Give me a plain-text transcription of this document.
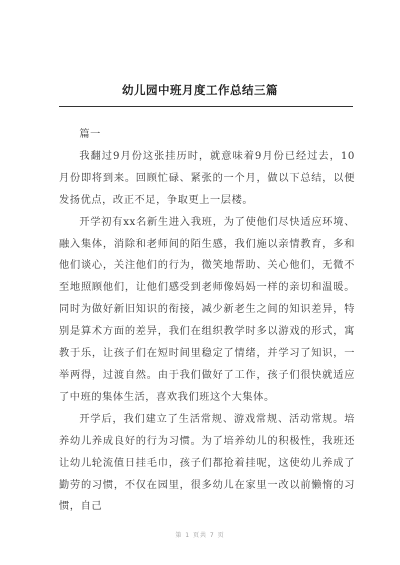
幼儿园中班月度工作总结三篇

篇一

我翻过9月份这张挂历时，就意味着9月份已经过去，10月份即将到来。回顾忙碌、紧张的一个月，做以下总结，以便发扬优点，改正不足，争取更上一层楼。

开学初有xx名新生进入我班，为了使他们尽快适应环境、融入集体，消除和老师间的陌生感，我们施以亲情教育，多和他们谈心，关注他们的行为，微笑地帮助、关心他们，无微不至地照顾他们，让他们感受到老师像妈妈一样的亲切和温暖。同时为做好新旧知识的衔接，减少新老生之间的知识差异，特别是算术方面的差异，我们在组织教学时多以游戏的形式，寓教于乐，让孩子们在短时间里稳定了情绪，并学习了知识，一举两得，过渡自然。由于我们做好了工作，孩子们很快就适应了中班的集体生活，喜欢我们班这个大集体。

开学后，我们建立了生活常规、游戏常规、活动常规。培养幼儿养成良好的行为习惯。为了培养幼儿的积极性，我班还让幼儿轮流值日挂毛巾，孩子们都抢着挂呢，这使幼儿养成了勤劳的习惯，不仅在园里，很多幼儿在家里一改以前懒惰的习惯，自己

第 1 页共 7 页
